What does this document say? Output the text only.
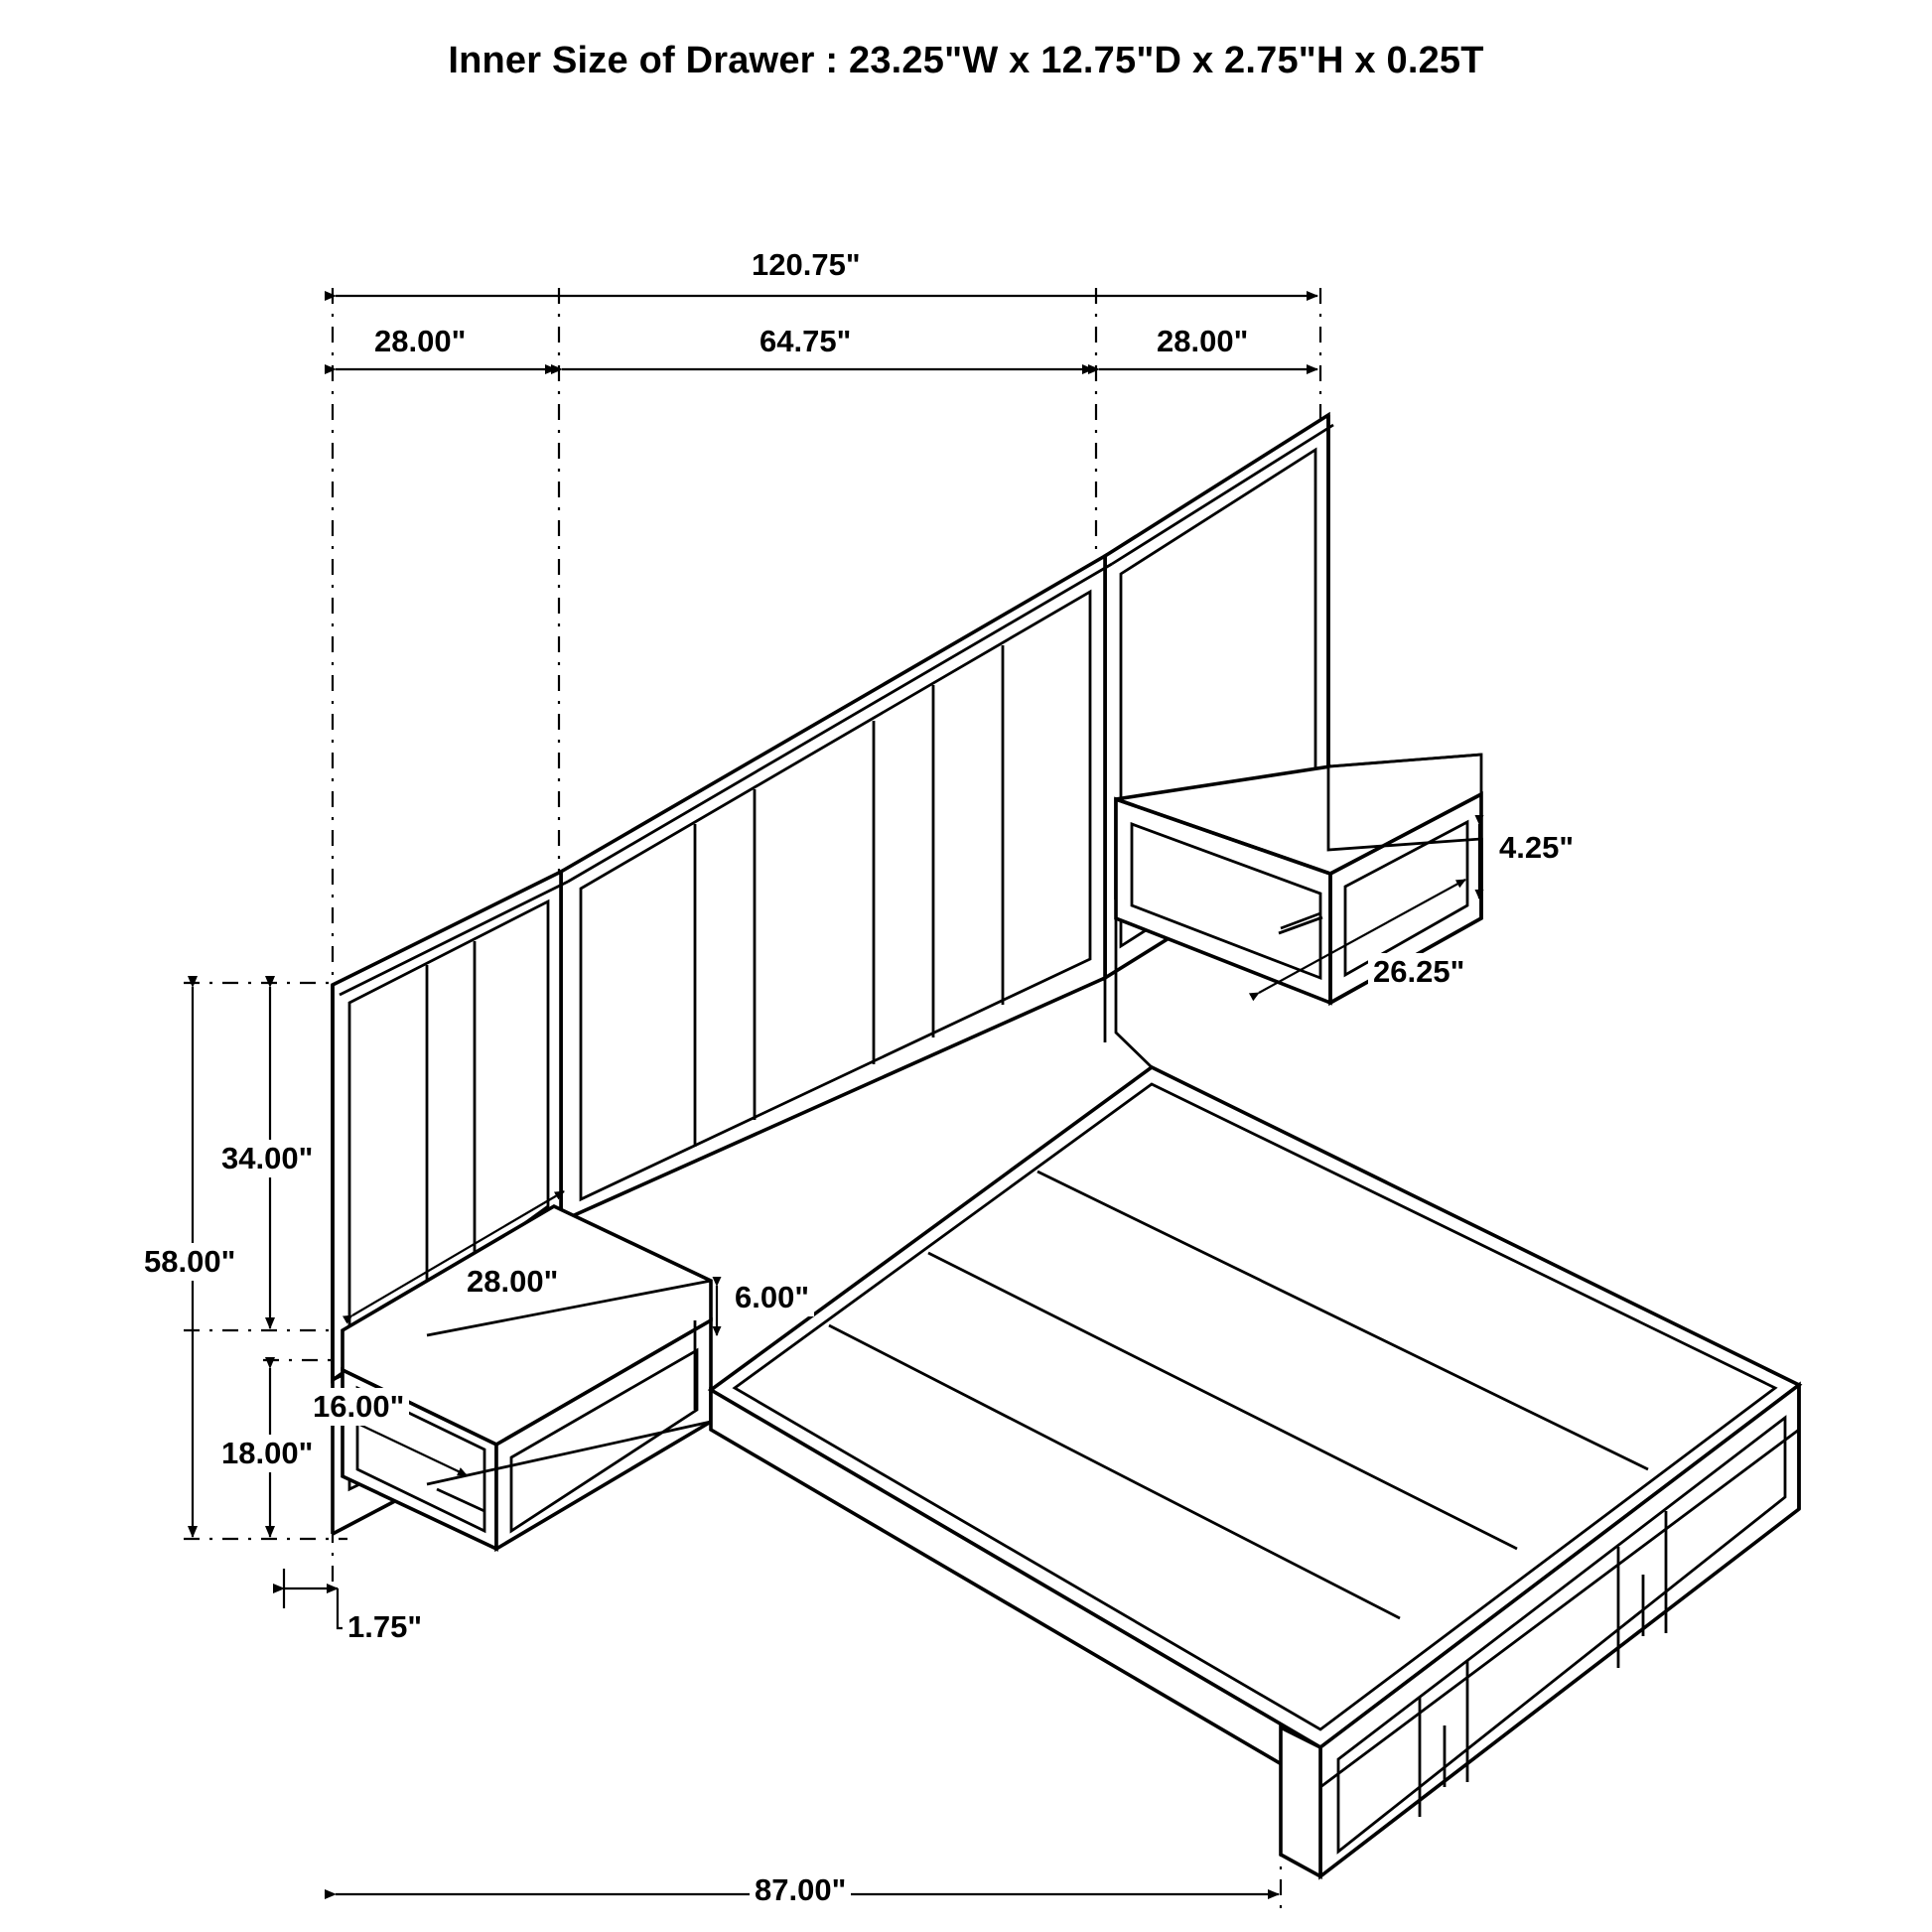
Inner Size of Drawer : 23.25"W x 12.75"D x 2.75"H x 0.25T
120.75"
28.00"	64.75"	28.00"
4.25"
26.25"
34.00"
58.00"
18.00"
28.00"	6.00"
16.00"
1.75"
87.00"
